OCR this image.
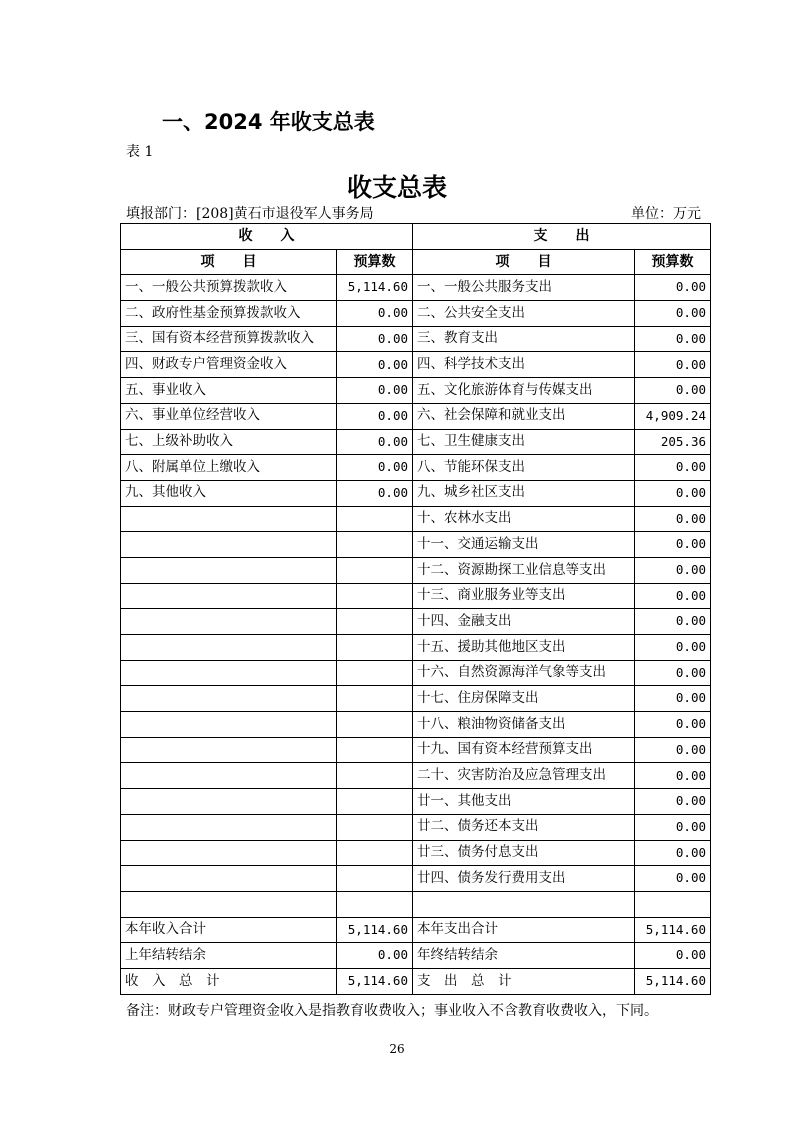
一、2024 年收支总表
表 1
收支总表
填报部门：[208]黄石市退役军人事务局	单位：万元
收　　入		支　　出	
项　　目	预算数	项　　目	预算数
一、一般公共预算拨款收入	5,114.60	一、一般公共服务支出	0.00
二、政府性基金预算拨款收入	0.00	二、公共安全支出	0.00
三、国有资本经营预算拨款收入	0.00	三、教育支出	0.00
四、财政专户管理资金收入	0.00	四、科学技术支出	0.00
五、事业收入	0.00	五、文化旅游体育与传媒支出	0.00
六、事业单位经营收入	0.00	六、社会保障和就业支出	4,909.24
七、上级补助收入	0.00	七、卫生健康支出	205.36
八、附属单位上缴收入	0.00	八、节能环保支出	0.00
九、其他收入	0.00	九、城乡社区支出	0.00
		十、农林水支出	0.00
		十一、交通运输支出	0.00
		十二、资源勘探工业信息等支出	0.00
		十三、商业服务业等支出	0.00
		十四、金融支出	0.00
		十五、援助其他地区支出	0.00
		十六、自然资源海洋气象等支出	0.00
		十七、住房保障支出	0.00
		十八、粮油物资储备支出	0.00
		十九、国有资本经营预算支出	0.00
		二十、灾害防治及应急管理支出	0.00
		廿一、其他支出	0.00
		廿二、债务还本支出	0.00
		廿三、债务付息支出	0.00
		廿四、债务发行费用支出	0.00

本年收入合计	5,114.60	本年支出合计	5,114.60
上年结转结余	0.00	年终结转结余	0.00
收　入　总　计	5,114.60	支　出　总　计	5,114.60
备注：财政专户管理资金收入是指教育收费收入；事业收入不含教育收费收入，下同。
26
